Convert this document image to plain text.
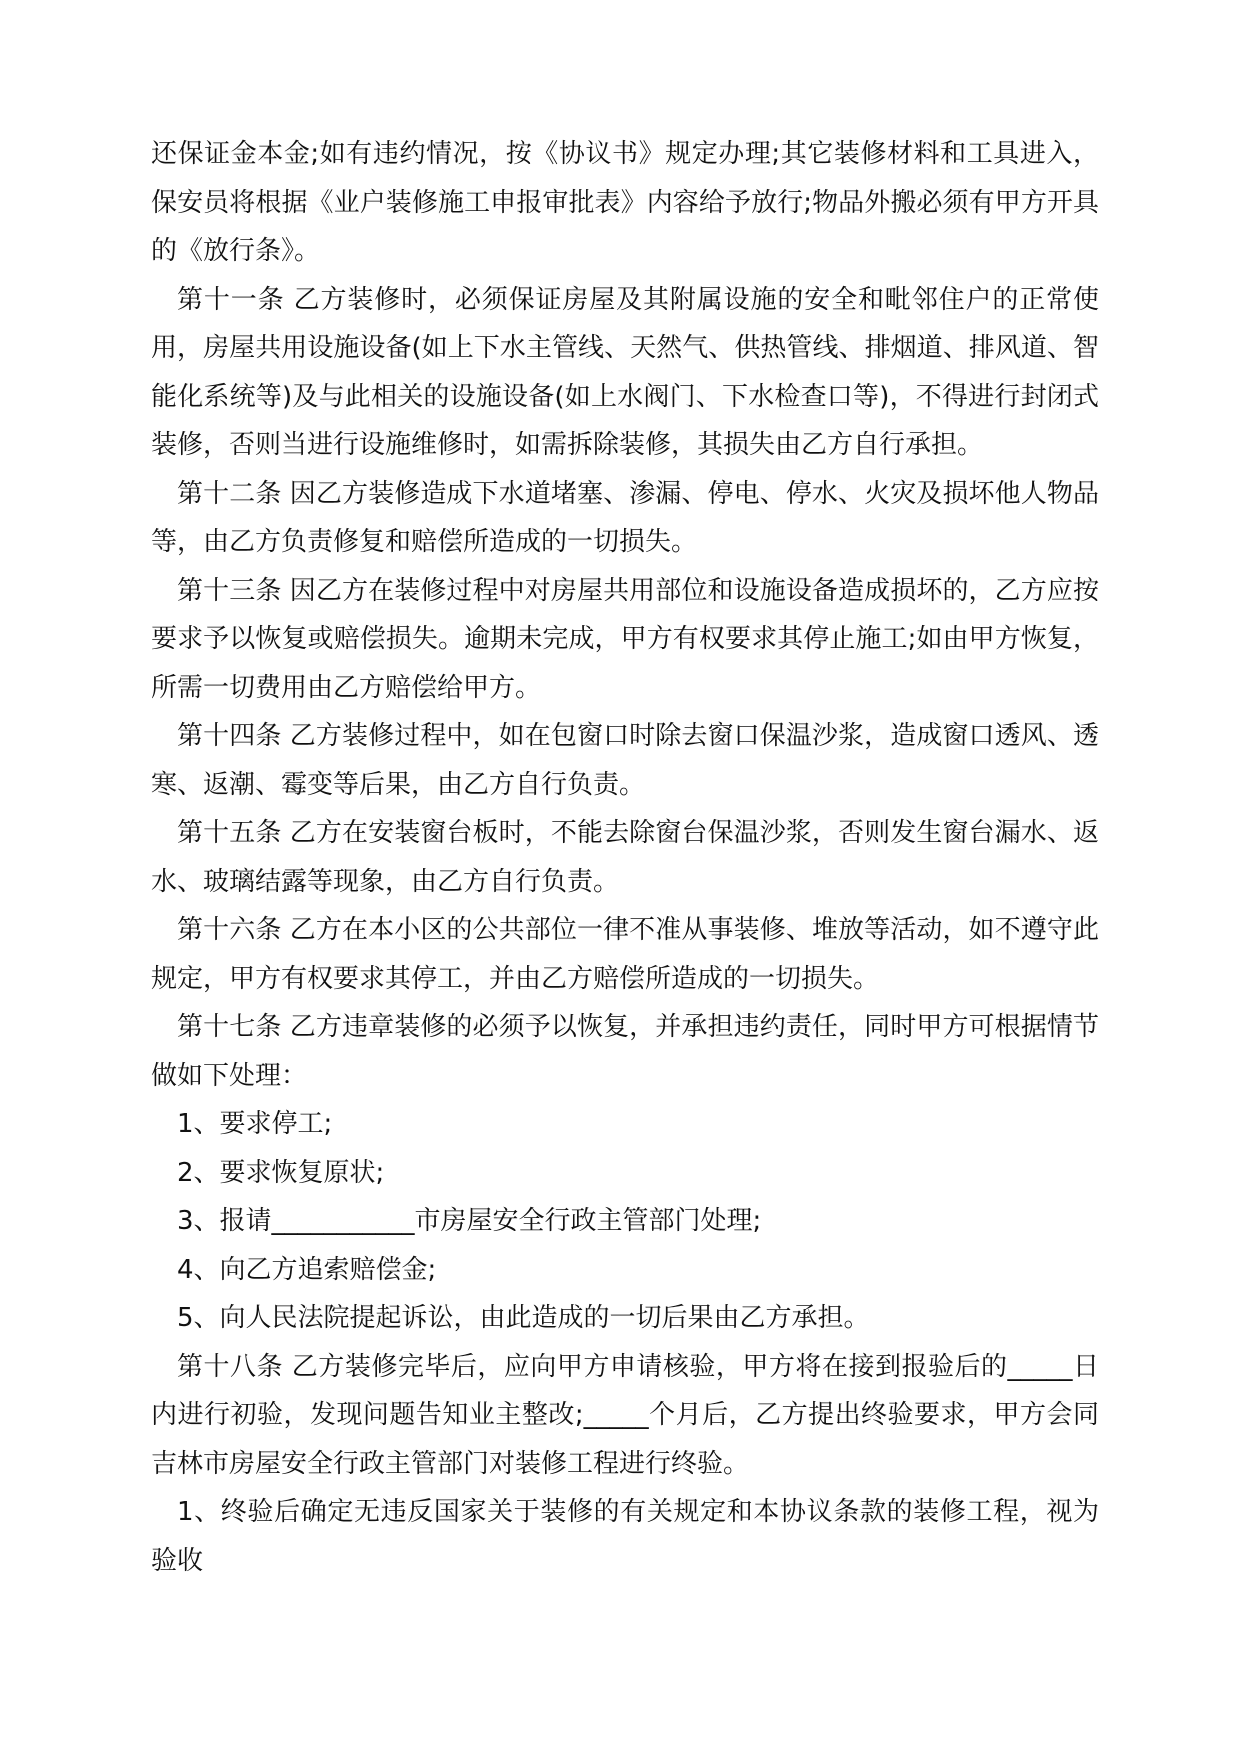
还保证金本金;如有违约情况，按《协议书》规定办理;其它装修材料和工具进入，保安员将根据《业户装修施工申报审批表》内容给予放行;物品外搬必须有甲方开具的《放行条》。

第十一条 乙方装修时，必须保证房屋及其附属设施的安全和毗邻住户的正常使用，房屋共用设施设备(如上下水主管线、天然气、供热管线、排烟道、排风道、智能化系统等)及与此相关的设施设备(如上水阀门、下水检查口等)，不得进行封闭式装修，否则当进行设施维修时，如需拆除装修，其损失由乙方自行承担。

第十二条 因乙方装修造成下水道堵塞、渗漏、停电、停水、火灾及损坏他人物品等，由乙方负责修复和赔偿所造成的一切损失。

第十三条 因乙方在装修过程中对房屋共用部位和设施设备造成损坏的，乙方应按要求予以恢复或赔偿损失。逾期未完成，甲方有权要求其停止施工;如由甲方恢复，所需一切费用由乙方赔偿给甲方。

第十四条 乙方装修过程中，如在包窗口时除去窗口保温沙浆，造成窗口透风、透寒、返潮、霉变等后果，由乙方自行负责。

第十五条 乙方在安装窗台板时，不能去除窗台保温沙浆，否则发生窗台漏水、返水、玻璃结露等现象，由乙方自行负责。

第十六条 乙方在本小区的公共部位一律不准从事装修、堆放等活动，如不遵守此规定，甲方有权要求其停工，并由乙方赔偿所造成的一切损失。

第十七条 乙方违章装修的必须予以恢复，并承担违约责任，同时甲方可根据情节做如下处理：

1、要求停工;

2、要求恢复原状;

3、报请___________市房屋安全行政主管部门处理;

4、向乙方追索赔偿金;

5、向人民法院提起诉讼，由此造成的一切后果由乙方承担。

第十八条 乙方装修完毕后，应向甲方申请核验，甲方将在接到报验后的_____日内进行初验，发现问题告知业主整改;_____个月后，乙方提出终验要求，甲方会同吉林市房屋安全行政主管部门对装修工程进行终验。

1、终验后确定无违反国家关于装修的有关规定和本协议条款的装修工程，视为验收
